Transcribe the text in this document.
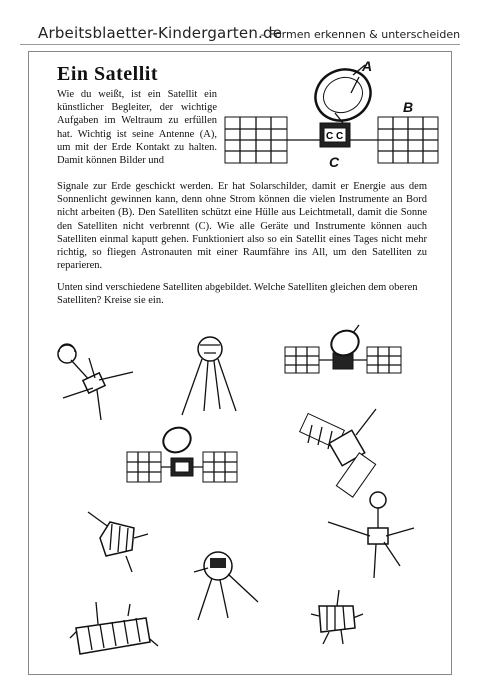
Arbeitsblaetter-Kindergarten.de
– Formen erkennen & unterscheiden
Ein Satellit
Wie du weißt, ist ein Satellit ein künstlicher Begleiter, der wichtige Aufgaben im Weltraum zu erfüllen hat. Wichtig ist seine Antenne (A), um mit der Erde Kontakt zu halten. Damit können Bilder und
Signale zur Erde geschickt werden. Er hat Solarschilder, damit er Energie aus dem Sonnenlicht gewinnen kann, denn ohne Strom können die vielen Instrumente an Bord nicht arbeiten (B). Den Satelliten schützt eine Hülle aus Leichtmetall, damit die Sonne den Satelliten nicht verbrennt (C). Wie alle Geräte und Instrumente können auch Satelliten einmal kaputt gehen. Funktioniert also so ein Satellit eines Tages nicht mehr richtig, so fliegen Astronauten mit einer Raumfähre ins All, um den Satelliten zu reparieren.
Unten sind verschiedene Satelliten abgebildet. Welche Satelliten gleichen dem oberen Satelliten? Kreise sie ein.
C C
A
B
C
